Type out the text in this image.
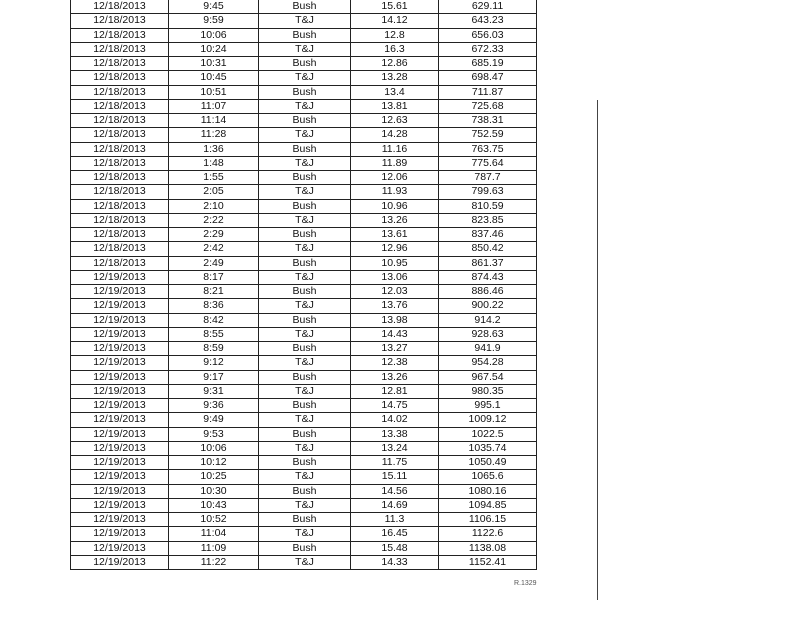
12/18/2013	9:45	Bush	15.61	629.11
12/18/2013	9:59	T&J	14.12	643.23
12/18/2013	10:06	Bush	12.8	656.03
12/18/2013	10:24	T&J	16.3	672.33
12/18/2013	10:31	Bush	12.86	685.19
12/18/2013	10:45	T&J	13.28	698.47
12/18/2013	10:51	Bush	13.4	711.87
12/18/2013	11:07	T&J	13.81	725.68
12/18/2013	11:14	Bush	12.63	738.31
12/18/2013	11:28	T&J	14.28	752.59
12/18/2013	1:36	Bush	11.16	763.75
12/18/2013	1:48	T&J	11.89	775.64
12/18/2013	1:55	Bush	12.06	787.7
12/18/2013	2:05	T&J	11.93	799.63
12/18/2013	2:10	Bush	10.96	810.59
12/18/2013	2:22	T&J	13.26	823.85
12/18/2013	2:29	Bush	13.61	837.46
12/18/2013	2:42	T&J	12.96	850.42
12/18/2013	2:49	Bush	10.95	861.37
12/19/2013	8:17	T&J	13.06	874.43
12/19/2013	8:21	Bush	12.03	886.46
12/19/2013	8:36	T&J	13.76	900.22
12/19/2013	8:42	Bush	13.98	914.2
12/19/2013	8:55	T&J	14.43	928.63
12/19/2013	8:59	Bush	13.27	941.9
12/19/2013	9:12	T&J	12.38	954.28
12/19/2013	9:17	Bush	13.26	967.54
12/19/2013	9:31	T&J	12.81	980.35
12/19/2013	9:36	Bush	14.75	995.1
12/19/2013	9:49	T&J	14.02	1009.12
12/19/2013	9:53	Bush	13.38	1022.5
12/19/2013	10:06	T&J	13.24	1035.74
12/19/2013	10:12	Bush	11.75	1050.49
12/19/2013	10:25	T&J	15.11	1065.6
12/19/2013	10:30	Bush	14.56	1080.16
12/19/2013	10:43	T&J	14.69	1094.85
12/19/2013	10:52	Bush	11.3	1106.15
12/19/2013	11:04	T&J	16.45	1122.6
12/19/2013	11:09	Bush	15.48	1138.08
12/19/2013	11:22	T&J	14.33	1152.41
R.1329
